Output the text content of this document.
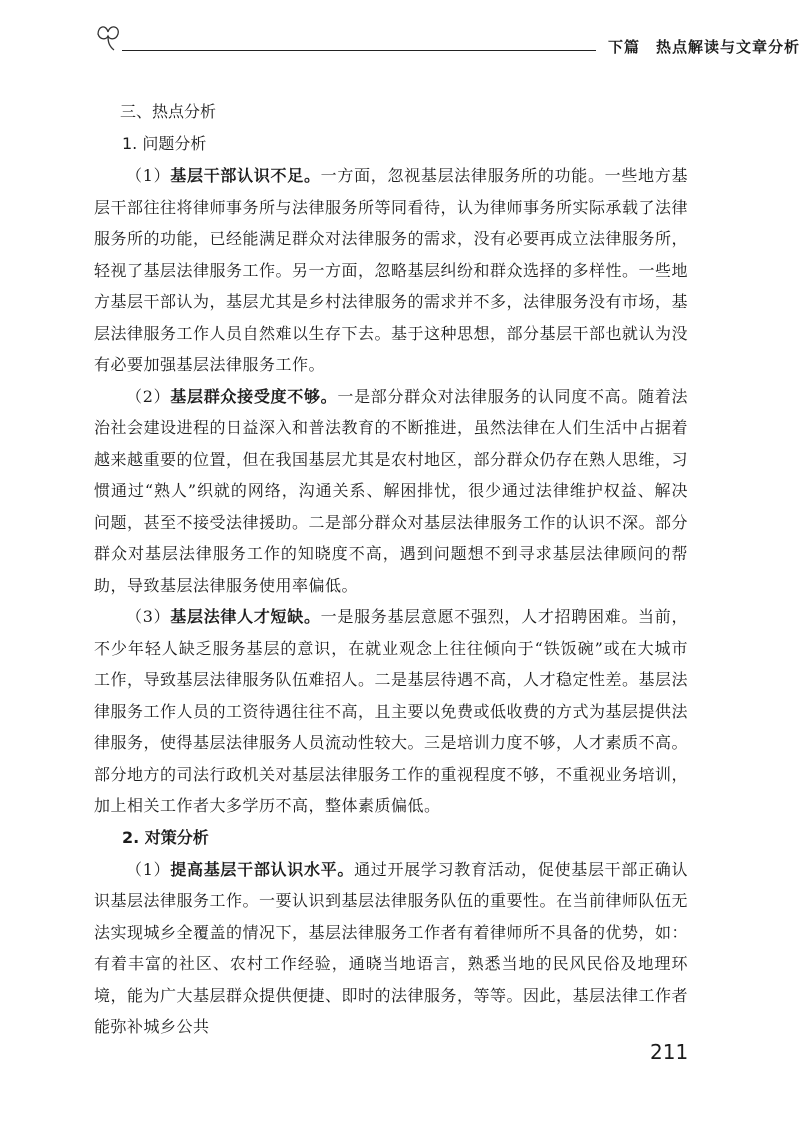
下篇　热点解读与文章分析
三、热点分析
1. 问题分析

（1）基层干部认识不足。一方面，忽视基层法律服务所的功能。一些地方基层干部往往将律师事务所与法律服务所等同看待，认为律师事务所实际承载了法律服务所的功能，已经能满足群众对法律服务的需求，没有必要再成立法律服务所，轻视了基层法律服务工作。另一方面，忽略基层纠纷和群众选择的多样性。一些地方基层干部认为，基层尤其是乡村法律服务的需求并不多，法律服务没有市场，基层法律服务工作人员自然难以生存下去。基于这种思想，部分基层干部也就认为没有必要加强基层法律服务工作。

（2）基层群众接受度不够。一是部分群众对法律服务的认同度不高。随着法治社会建设进程的日益深入和普法教育的不断推进，虽然法律在人们生活中占据着越来越重要的位置，但在我国基层尤其是农村地区，部分群众仍存在熟人思维，习惯通过“熟人”织就的网络，沟通关系、解困排忧，很少通过法律维护权益、解决问题，甚至不接受法律援助。二是部分群众对基层法律服务工作的认识不深。部分群众对基层法律服务工作的知晓度不高，遇到问题想不到寻求基层法律顾问的帮助，导致基层法律服务使用率偏低。

（3）基层法律人才短缺。一是服务基层意愿不强烈，人才招聘困难。当前，不少年轻人缺乏服务基层的意识，在就业观念上往往倾向于“铁饭碗”或在大城市工作，导致基层法律服务队伍难招人。二是基层待遇不高，人才稳定性差。基层法律服务工作人员的工资待遇往往不高，且主要以免费或低收费的方式为基层提供法律服务，使得基层法律服务人员流动性较大。三是培训力度不够，人才素质不高。部分地方的司法行政机关对基层法律服务工作的重视程度不够，不重视业务培训，加上相关工作者大多学历不高，整体素质偏低。

2. 对策分析

（1）提高基层干部认识水平。通过开展学习教育活动，促使基层干部正确认识基层法律服务工作。一要认识到基层法律服务队伍的重要性。在当前律师队伍无法实现城乡全覆盖的情况下，基层法律服务工作者有着律师所不具备的优势，如：有着丰富的社区、农村工作经验，通晓当地语言，熟悉当地的民风民俗及地理环境，能为广大基层群众提供便捷、即时的法律服务，等等。因此，基层法律工作者能弥补城乡公共

211
